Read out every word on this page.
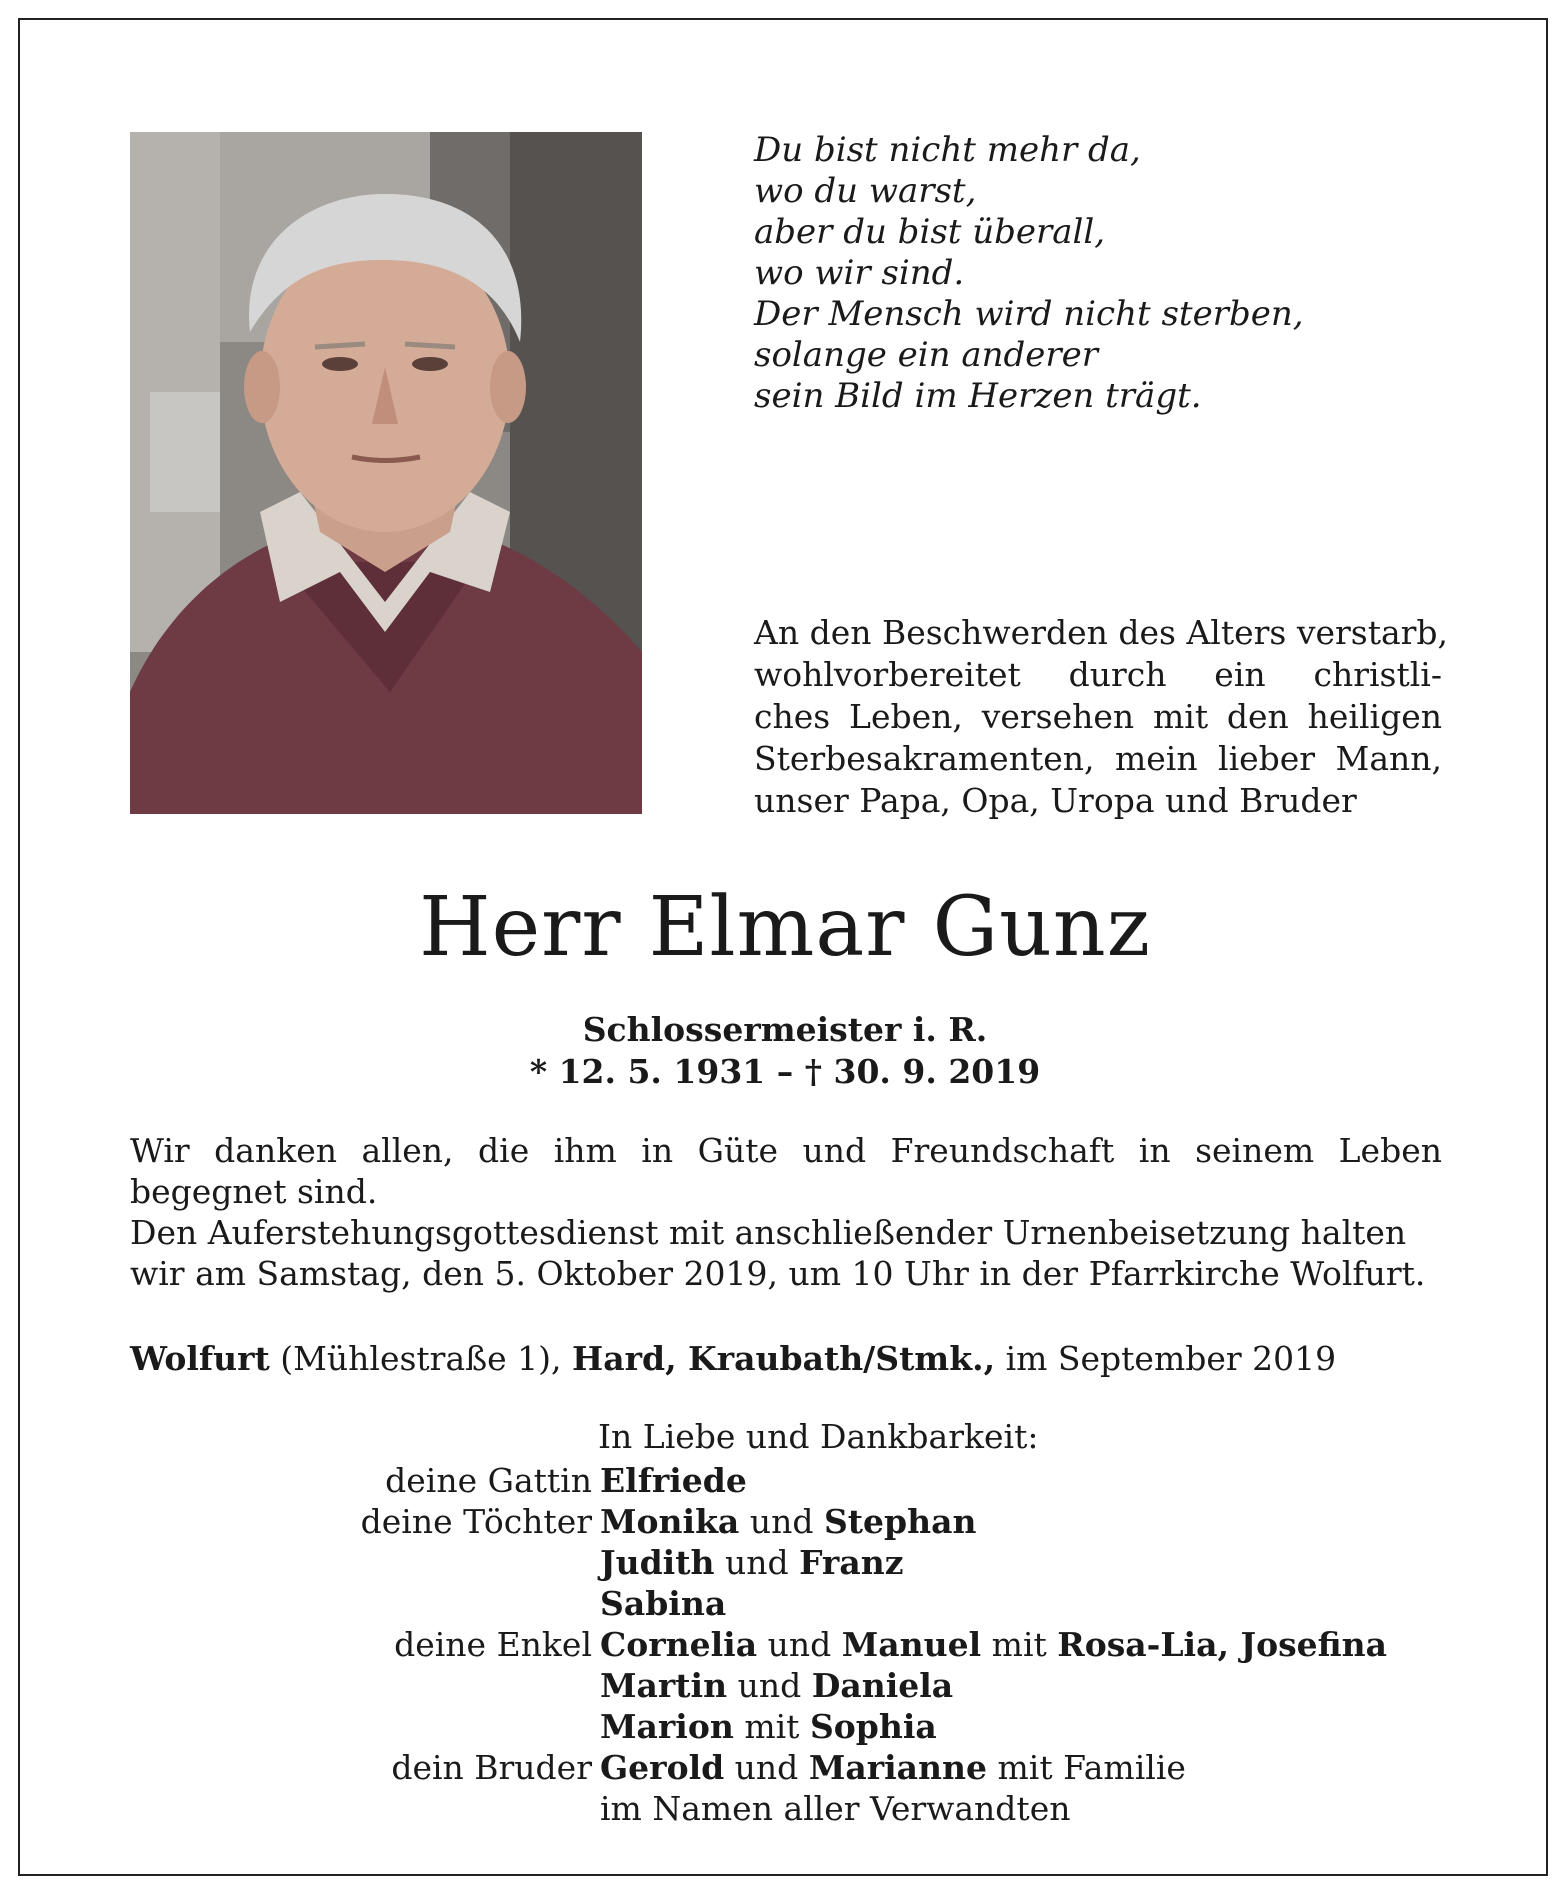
Du bist nicht mehr da,
wo du warst,
aber du bist überall,
wo wir sind.
Der Mensch wird nicht sterben,
solange ein anderer
sein Bild im Herzen trägt.
An den Beschwerden des Alters verstarb,
wohlvorbereitet durch ein christli-
ches Leben, versehen mit den heiligen
Sterbesakramenten, mein lieber Mann,
unser Papa, Opa, Uropa und Bruder
Herr Elmar Gunz
Schlossermeister i. R.
* 12. 5. 1931 – † 30. 9. 2019
Wir danken allen, die ihm in Güte und Freundschaft in seinem Leben
begegnet sind.
Den Auferstehungsgottesdienst mit anschließender Urnenbeisetzung halten
wir am Samstag, den 5. Oktober 2019, um 10 Uhr in der Pfarrkirche Wolfurt.
Wolfurt (Mühlestraße 1), Hard, Kraubath/Stmk., im September 2019
In Liebe und Dankbarkeit:
deine Gattin Elfriede
deine Töchter Monika und Stephan
Judith und Franz
Sabina
deine Enkel Cornelia und Manuel mit Rosa-Lia, Josefina
Martin und Daniela
Marion mit Sophia
dein Bruder Gerold und Marianne mit Familie
im Namen aller Verwandten
